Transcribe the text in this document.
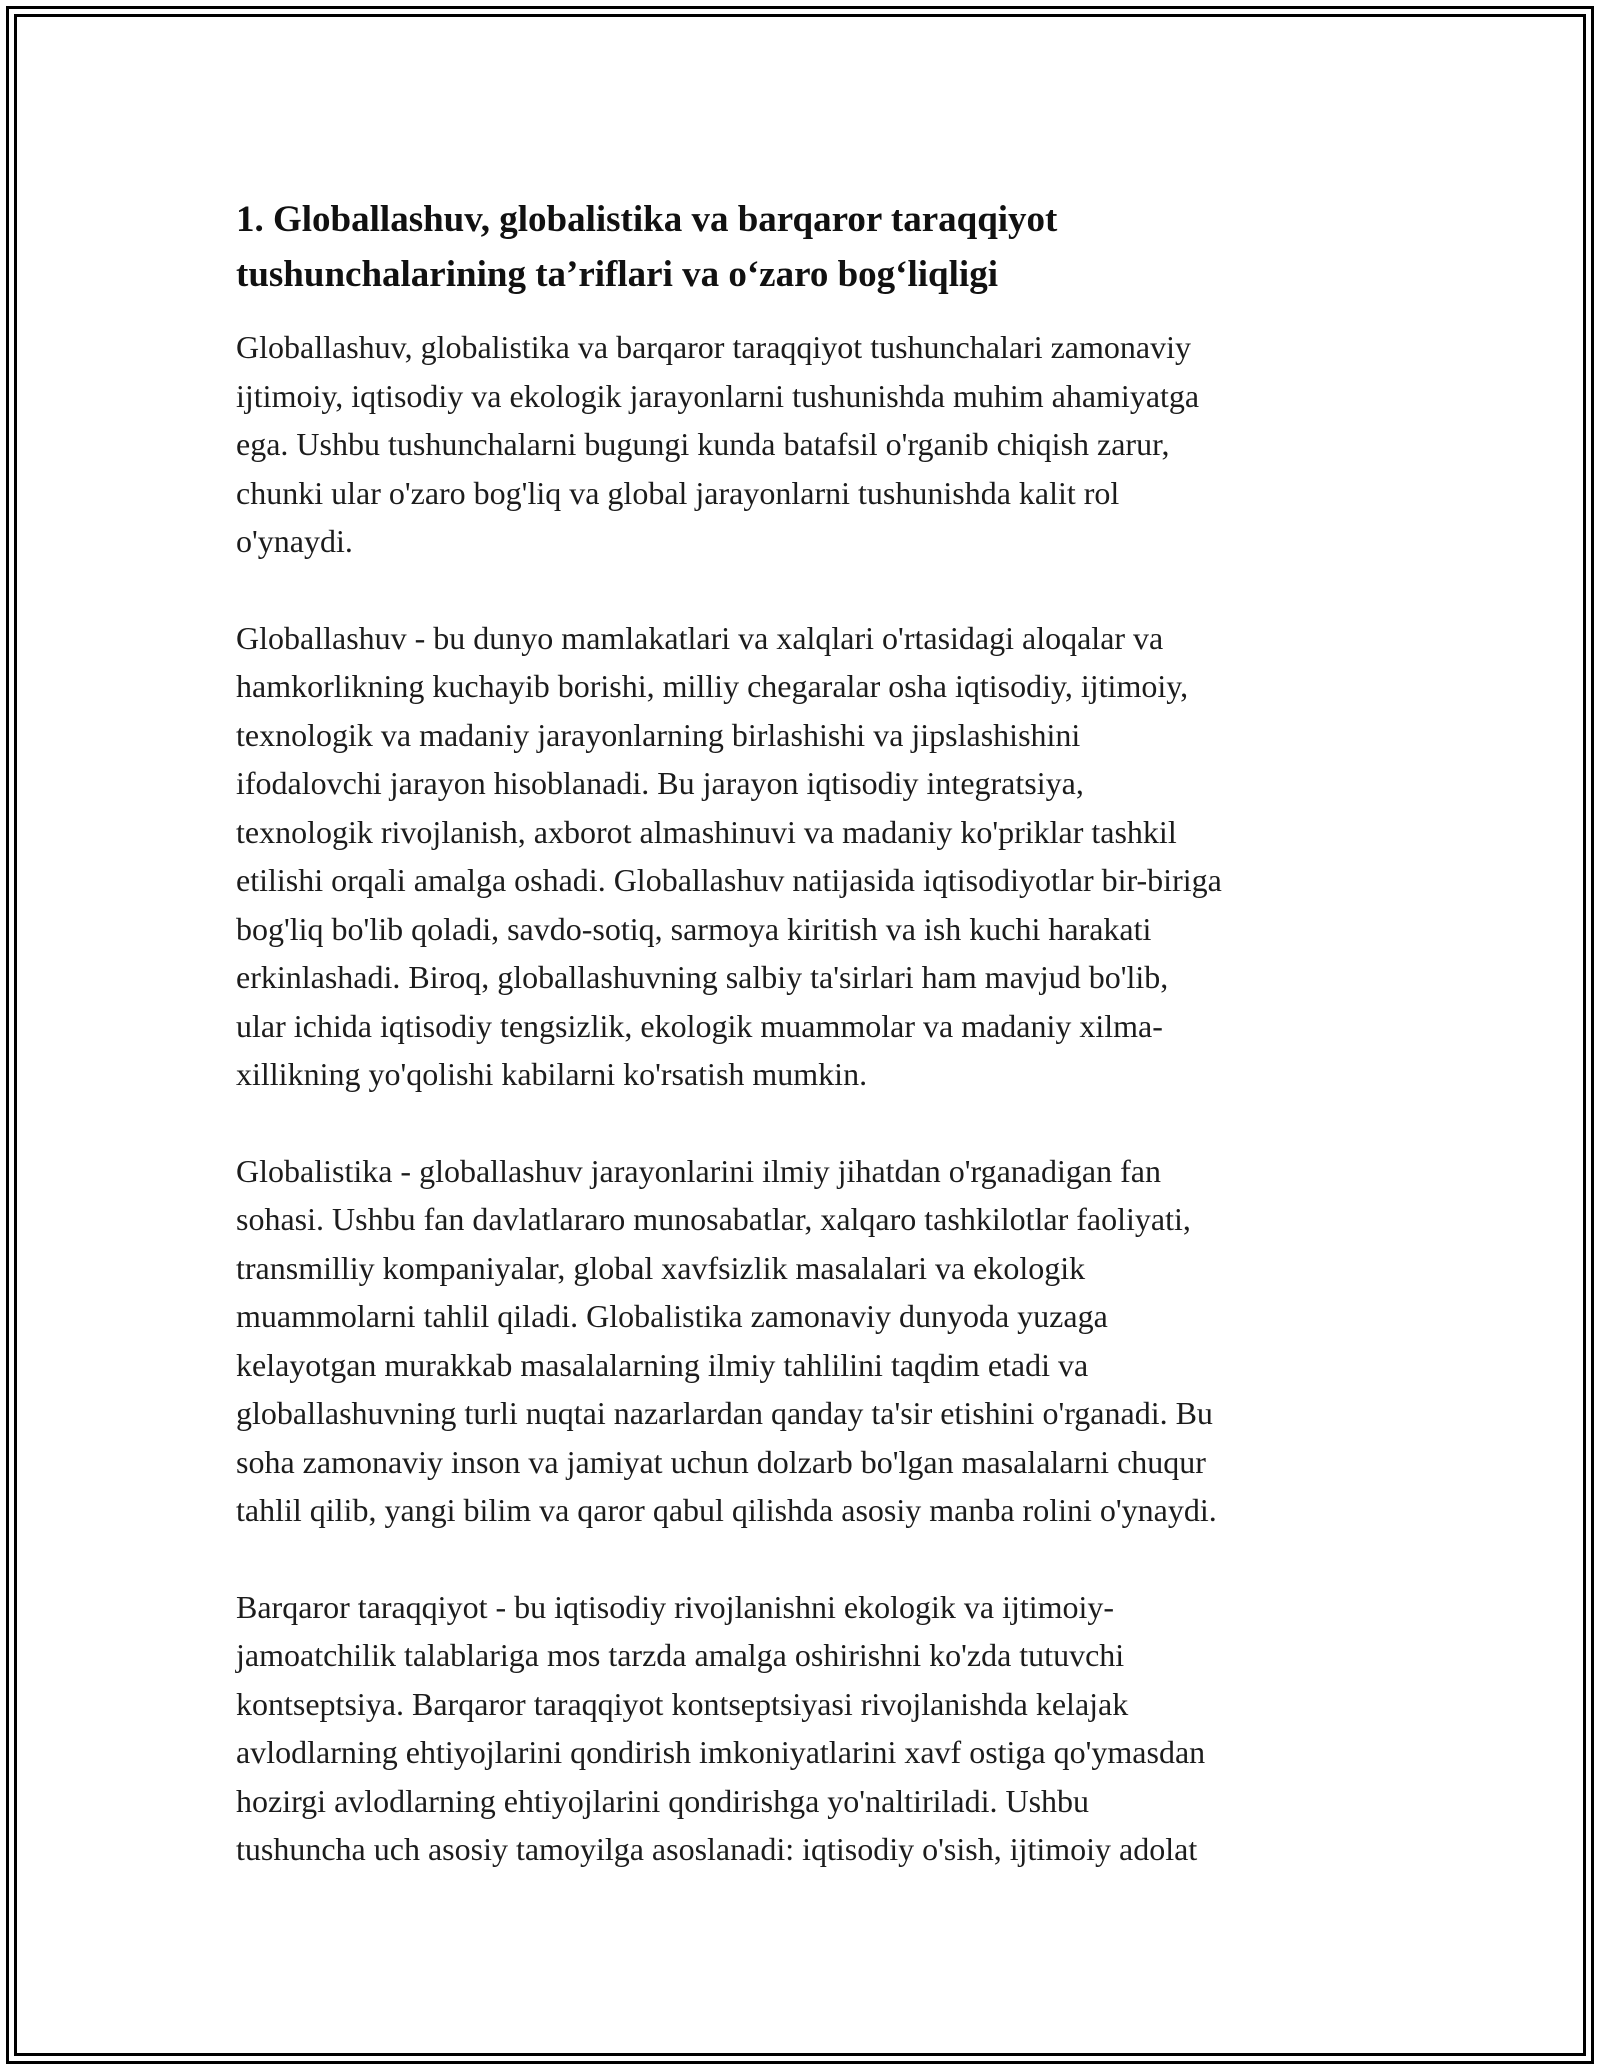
1. Globallashuv, globalistika va barqaror taraqqiyot
tushunchalarining ta’riflari va o‘zaro bog‘liqligi

Globallashuv, globalistika va barqaror taraqqiyot tushunchalari zamonaviy
ijtimoiy, iqtisodiy va ekologik jarayonlarni tushunishda muhim ahamiyatga
ega. Ushbu tushunchalarni bugungi kunda batafsil o'rganib chiqish zarur,
chunki ular o'zaro bog'liq va global jarayonlarni tushunishda kalit rol
o'ynaydi.

Globallashuv - bu dunyo mamlakatlari va xalqlari o'rtasidagi aloqalar va
hamkorlikning kuchayib borishi, milliy chegaralar osha iqtisodiy, ijtimoiy,
texnologik va madaniy jarayonlarning birlashishi va jipslashishini
ifodalovchi jarayon hisoblanadi. Bu jarayon iqtisodiy integratsiya,
texnologik rivojlanish, axborot almashinuvi va madaniy ko'priklar tashkil
etilishi orqali amalga oshadi. Globallashuv natijasida iqtisodiyotlar bir-biriga
bog'liq bo'lib qoladi, savdo-sotiq, sarmoya kiritish va ish kuchi harakati
erkinlashadi. Biroq, globallashuvning salbiy ta'sirlari ham mavjud bo'lib,
ular ichida iqtisodiy tengsizlik, ekologik muammolar va madaniy xilma-
xillikning yo'qolishi kabilarni ko'rsatish mumkin.

Globalistika - globallashuv jarayonlarini ilmiy jihatdan o'rganadigan fan
sohasi. Ushbu fan davlatlararo munosabatlar, xalqaro tashkilotlar faoliyati,
transmilliy kompaniyalar, global xavfsizlik masalalari va ekologik
muammolarni tahlil qiladi. Globalistika zamonaviy dunyoda yuzaga
kelayotgan murakkab masalalarning ilmiy tahlilini taqdim etadi va
globallashuvning turli nuqtai nazarlardan qanday ta'sir etishini o'rganadi. Bu
soha zamonaviy inson va jamiyat uchun dolzarb bo'lgan masalalarni chuqur
tahlil qilib, yangi bilim va qaror qabul qilishda asosiy manba rolini o'ynaydi.

Barqaror taraqqiyot - bu iqtisodiy rivojlanishni ekologik va ijtimoiy-
jamoatchilik talablariga mos tarzda amalga oshirishni ko'zda tutuvchi
kontseptsiya. Barqaror taraqqiyot kontseptsiyasi rivojlanishda kelajak
avlodlarning ehtiyojlarini qondirish imkoniyatlarini xavf ostiga qo'ymasdan
hozirgi avlodlarning ehtiyojlarini qondirishga yo'naltiriladi. Ushbu
tushuncha uch asosiy tamoyilga asoslanadi: iqtisodiy o'sish, ijtimoiy adolat
